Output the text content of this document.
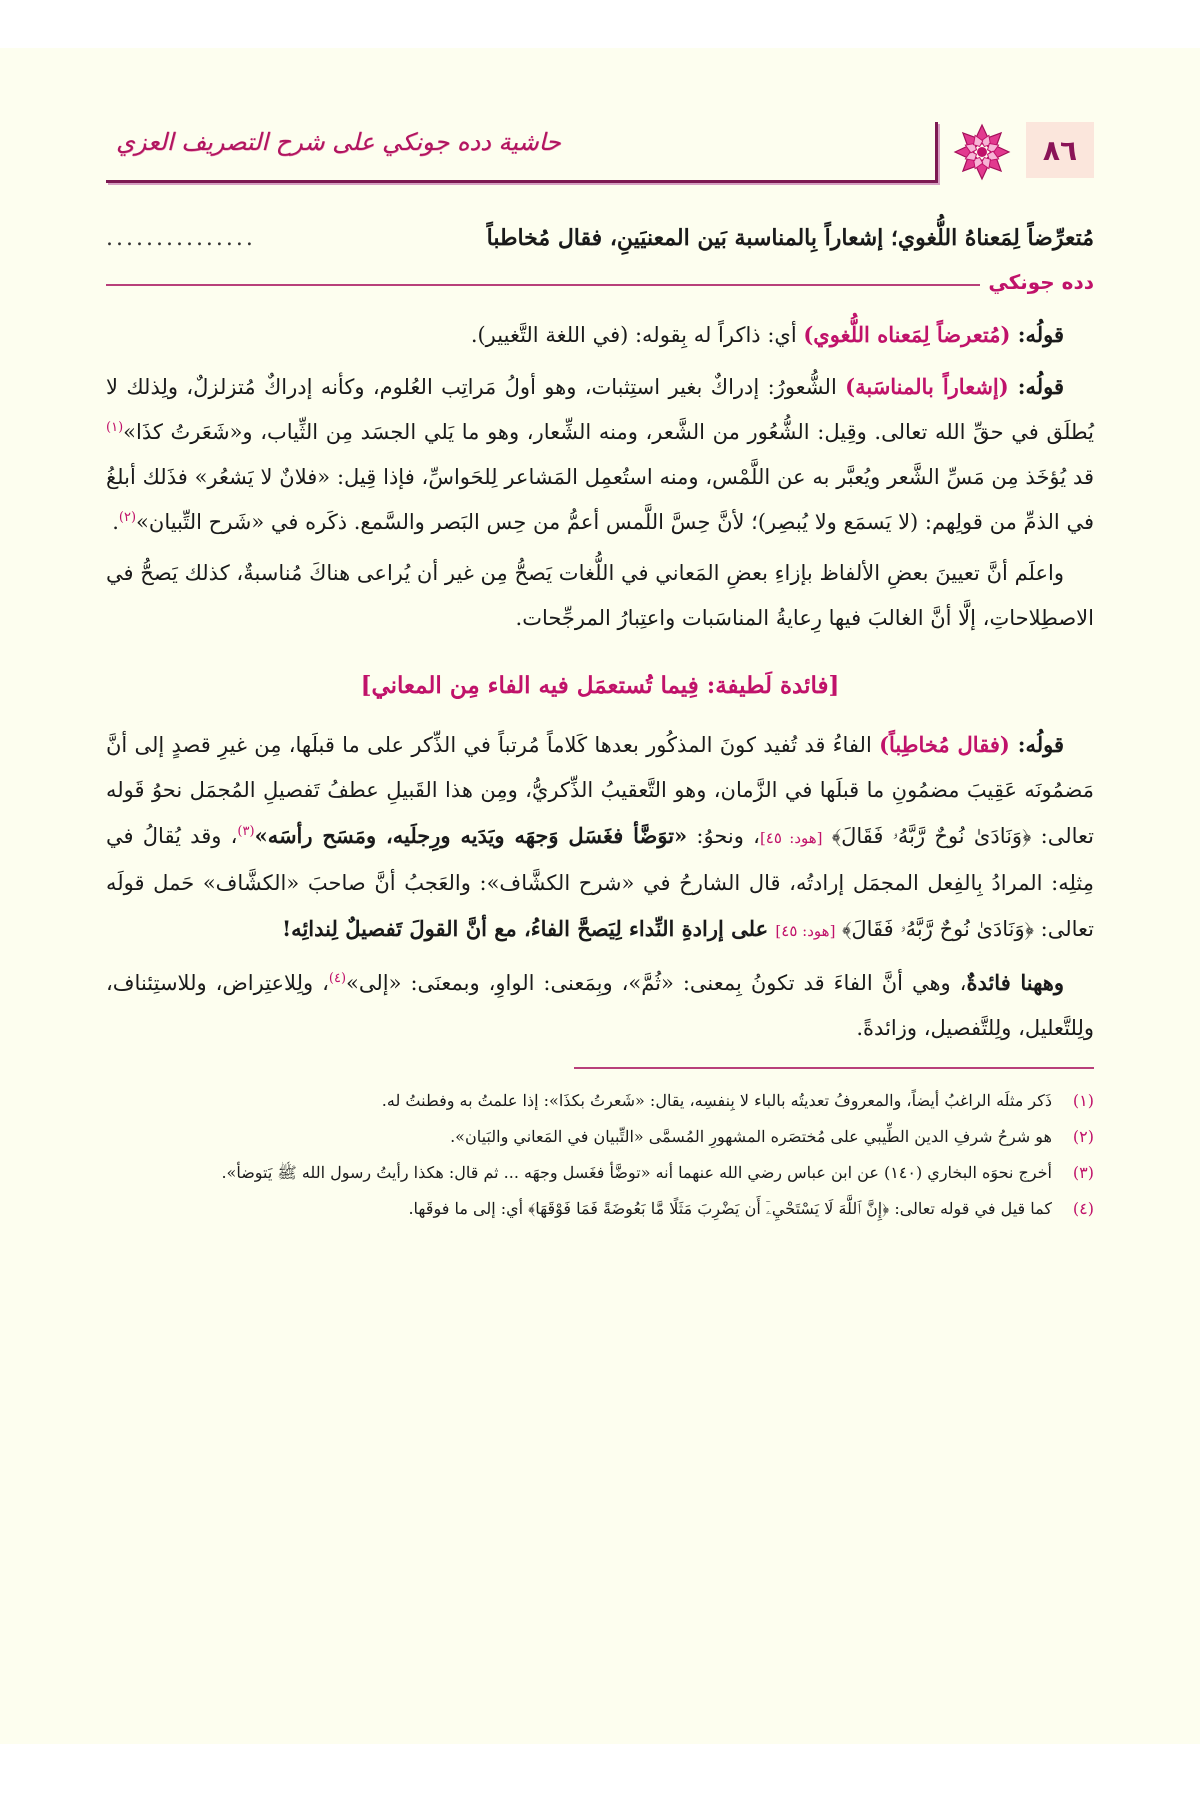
٨٦
حاشية دده جونكي على شرح التصريف العزي
مُتعرِّضاً لِمَعناهُ اللُّغوي؛ إشعاراً بِالمناسبة بَين المعنيَينِ، فقال مُخاطباً
...............
دده جونكي

قولُه: (مُتعرضاً لِمَعناه اللُّغوي) أي: ذاكراً له بِقوله: (في اللغة التَّغيير).

قولُه: (إشعاراً بالمناسَبة) الشُّعورُ: إدراكٌ بغير استِثبات، وهو أولُ مَراتِب العُلوم، وكأنه إدراكٌ مُتزلزلٌ، ولِذلك لا يُطلَق في حقِّ الله تعالى. وقِيل: الشُّعُور من الشَّعر، ومنه الشِّعار، وهو ما يَلي الجسَد مِن الثِّياب، و«شَعَرتُ كذَا»$^{(١)}$ قد يُؤخَذ مِن مَسِّ الشَّعر ويُعبَّر به عن اللَّمْس، ومنه استُعمِل المَشاعر لِلحَواسِّ، فإذا قِيل: «فلانٌ لا يَشعُر» فذَلك أبلغُ في الذمِّ من قولِهم: (لا يَسمَع ولا يُبصِر)؛ لأنَّ حِسَّ اللَّمس أعمُّ من حِس البَصر والسَّمع. ذكَره في «شَرح التِّبيان»$^{(٢)}$.

واعلَم أنَّ تعيينَ بعضِ الألفاظ بإزاءِ بعضِ المَعاني في اللُّغات يَصحُّ مِن غير أن يُراعى هناكَ مُناسبةٌ، كذلك يَصحُّ في الاصطِلاحاتِ، إلَّا أنَّ الغالبَ فيها رِعايةُ المناسَبات واعتِبارُ المرجِّحات.

[فائدة لَطيفة: فِيما تُستعمَل فيه الفاء مِن المعاني]

قولُه: (فقال مُخاطِباً) الفاءُ قد تُفيد كونَ المذكُور بعدها كَلاماً مُرتباً في الذِّكر على ما قبلَها، مِن غيرِ قصدٍ إلى أنَّ مَضمُونَه عَقِيبَ مضمُونِ ما قبلَها في الزَّمان، وهو التَّعقيبُ الذِّكريُّ، ومِن هذا القَبيلِ عطفُ تَفصيلِ المُجمَل نحوُ قَوله تعالى: ﴿وَنَادَىٰ نُوحٌ رَّبَّهُۥ فَقَالَ﴾ [هود: ٤٥]، ونحوُ: «توَضَّأ فغَسَل وَجهَه ويَدَيه ورِجلَيه، ومَسَح رأسَه»$^{(٣)}$، وقد يُقالُ في مِثلِه: المرادُ بِالفِعل المجمَل إرادتُه، قال الشارحُ في «شرح الكشَّاف»: والعَجبُ أنَّ صاحبَ «الكشَّاف» حَمل قولَه تعالى: ﴿وَنَادَىٰ نُوحٌ رَّبَّهُۥ فَقَالَ﴾ [هود: ٤٥] على إرادةِ النِّداء لِيَصحَّ الفاءُ، مع أنَّ القولَ تَفصيلٌ لِندائِه!

وههنا فائدةٌ، وهي أنَّ الفاءَ قد تكونُ بِمعنى: «ثُمَّ»، وبِمَعنى: الواوِ، وبمعنَى: «إلى»$^{(٤)}$، ولِلاعتِراض، وللاستِئناف، ولِلتَّعليل، ولِلتَّفصيل، وزائدةً.

(١)
ذَكر مثلَه الراغبُ أيضاً، والمعروفُ تعديتُه بالباء لا بِنفسِه، يقال: «شَعرتُ بكذَا»: إذا علمتُ به وفطنتُ له.
(٢)
هو شرحُ شرفِ الدين الطِّيبي على مُختصَره المشهورِ المُسمَّى «التِّبيان في المَعاني والبَيان».
(٣)
أخرج نحوَه البخاري (١٤٠) عن ابن عباس رضي الله عنهما أنه «توضَّأ فغَسل وجهَه ... ثم قال: هكذا رأيتُ رسول الله ﷺ يَتوضأ».
(٤)
كما قيل في قوله تعالى: ﴿إِنَّ ٱللَّهَ لَا يَسْتَحْيِۦٓ أَن يَضْرِبَ مَثَلًا مَّا بَعُوضَةً فَمَا فَوْقَهَا﴾ أي: إلى ما فوقَها.
